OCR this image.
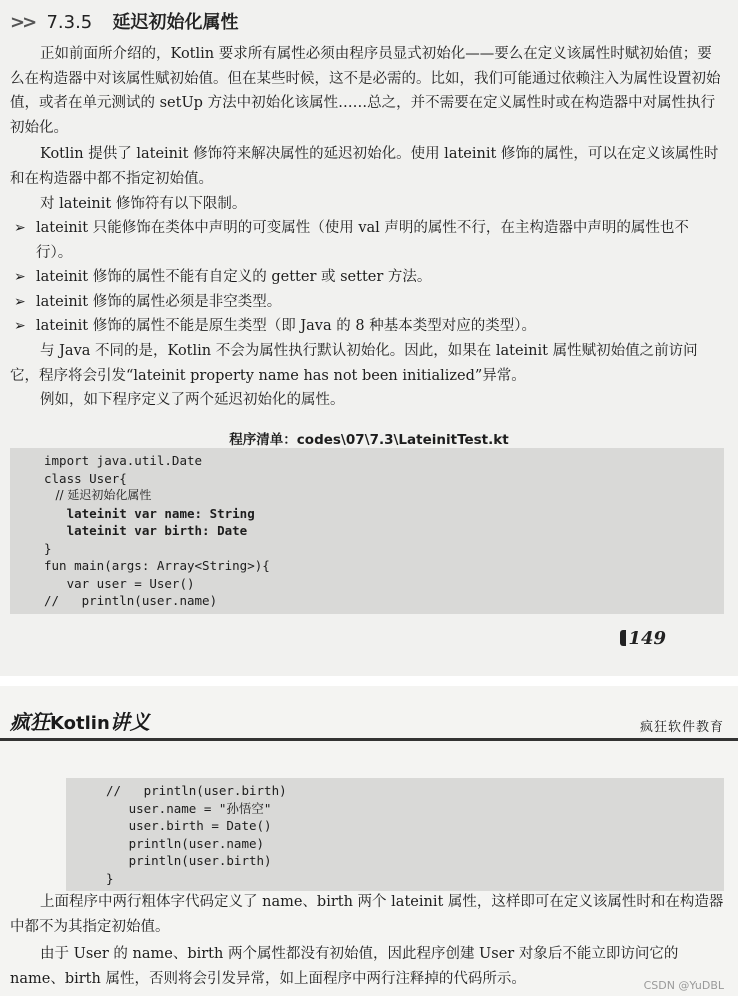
>> 7.3.5 延迟初始化属性

正如前面所介绍的，Kotlin 要求所有属性必须由程序员显式初始化——要么在定义该属性时赋初始值；要么在构造器中对该属性赋初始值。但在某些时候，这不是必需的。比如，我们可能通过依赖注入为属性设置初始值，或者在单元测试的 setUp 方法中初始化该属性……总之，并不需要在定义属性时或在构造器中对属性执行初始化。

Kotlin 提供了 lateinit 修饰符来解决属性的延迟初始化。使用 lateinit 修饰的属性，可以在定义该属性时和在构造器中都不指定初始值。

对 lateinit 修饰符有以下限制。

➢ lateinit 只能修饰在类体中声明的可变属性（使用 val 声明的属性不行，在主构造器中声明的属性也不行）。
➢ lateinit 修饰的属性不能有自定义的 getter 或 setter 方法。
➢ lateinit 修饰的属性必须是非空类型。
➢ lateinit 修饰的属性不能是原生类型（即 Java 的 8 种基本类型对应的类型）。

与 Java 不同的是，Kotlin 不会为属性执行默认初始化。因此，如果在 lateinit 属性赋初始值之前访问它，程序将会引发“lateinit property name has not been initialized”异常。

例如，如下程序定义了两个延迟初始化的属性。

程序清单：codes\07\7.3\LateinitTest.kt
import java.util.Date
class User{
// 延迟初始化属性
lateinit var name: String
lateinit var birth: Date
}
fun main(args: Array<String>){
var user = User()
//   println(user.name)
149
疯狂Kotlin讲义	疯狂软件教育
//   println(user.birth)
user.name = "孙悟空"
user.birth = Date()
println(user.name)
println(user.birth)
}

上面程序中两行粗体字代码定义了 name、birth 两个 lateinit 属性，这样即可在定义该属性时和在构造器中都不为其指定初始值。

由于 User 的 name、birth 两个属性都没有初始值，因此程序创建 User 对象后不能立即访问它的 name、birth 属性，否则将会引发异常，如上面程序中两行注释掉的代码所示。	CSDN @YuDBL
